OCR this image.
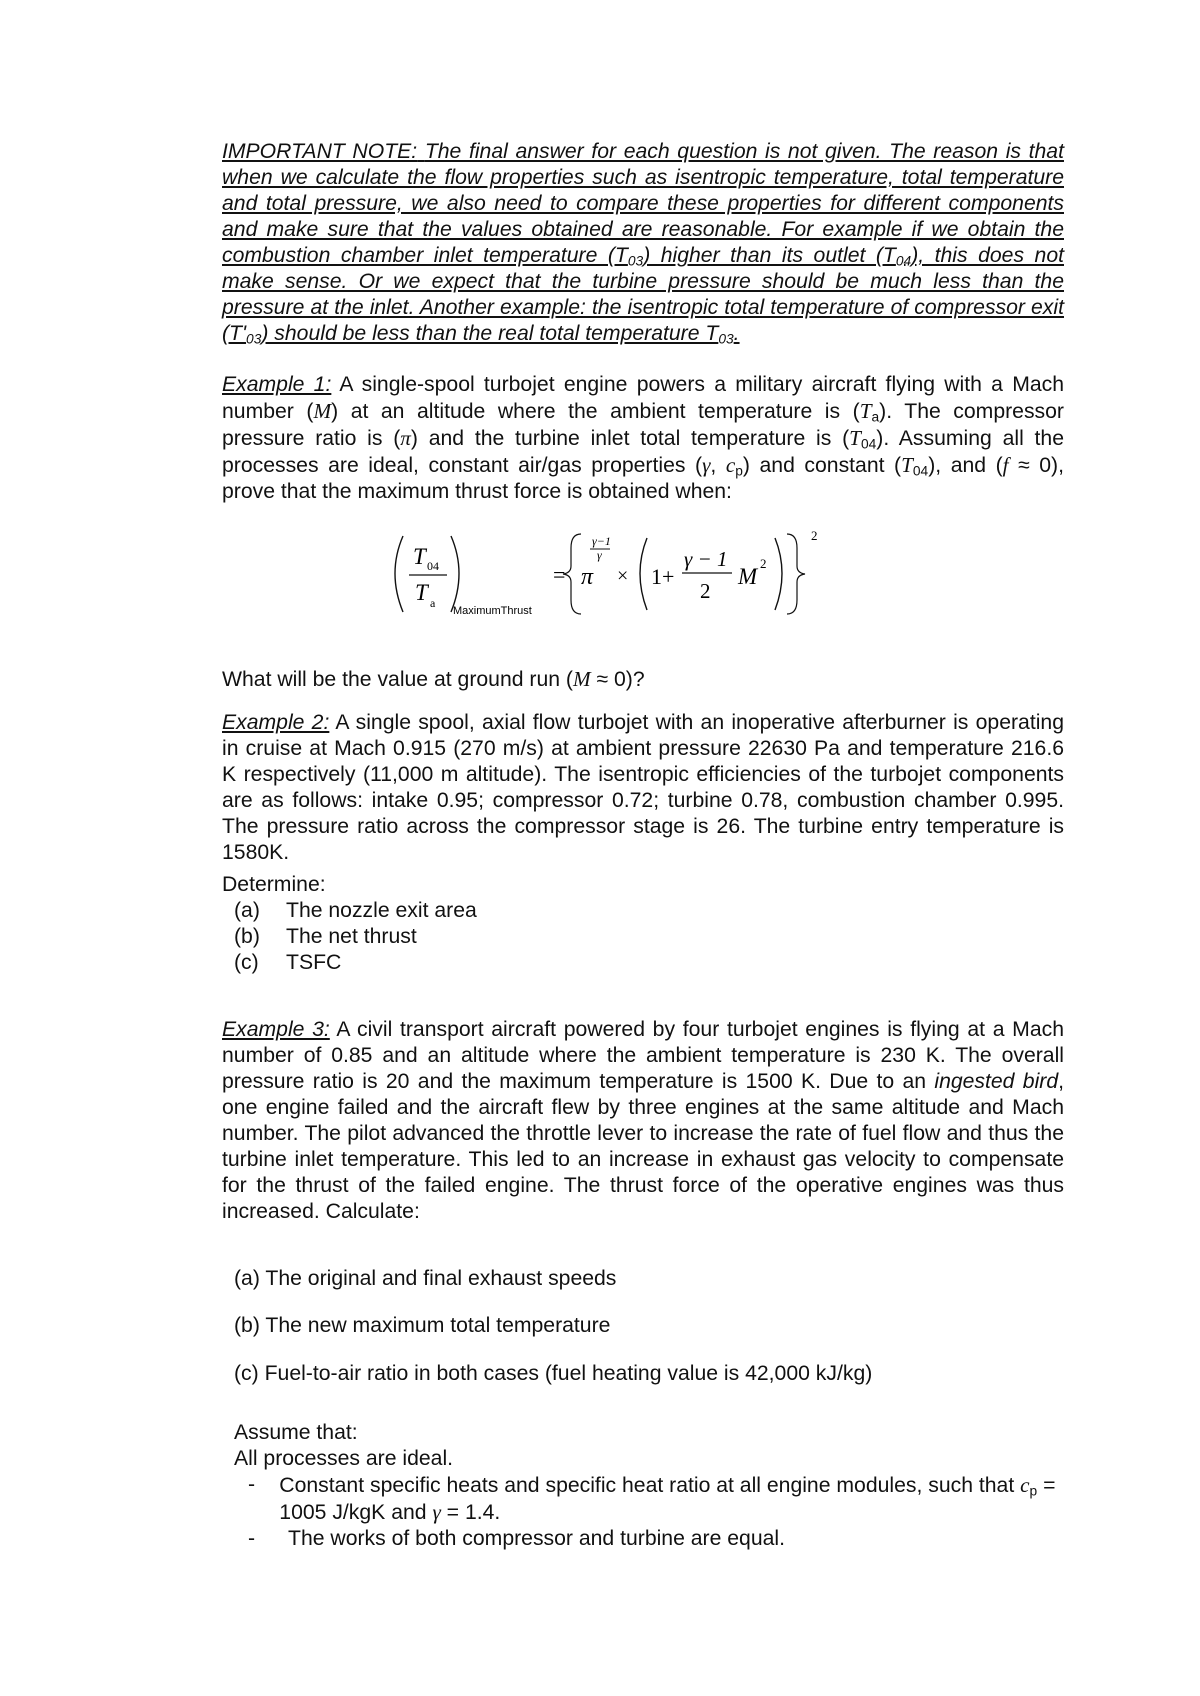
IMPORTANT NOTE: The final answer for each question is not given. The reason is that when we calculate the flow properties such as isentropic temperature, total temperature and total pressure, we also need to compare these properties for different components and make sure that the values obtained are reasonable. For example if we obtain the combustion chamber inlet temperature $(T_{03})$ higher than its outlet $(T_{04})$, this does not make sense. Or we expect that the turbine pressure should be much less than the pressure at the inlet. Another example: the isentropic total temperature of compressor exit $(T'_{03})$ should be less than the real total temperature $T_{03}$.
Example 1: A single-spool turbojet engine powers a military aircraft flying with a Mach number (M) at an altitude where the ambient temperature is $(T_a)$. The compressor pressure ratio is (π) and the turbine inlet total temperature is $(T_{04})$. Assuming all the processes are ideal, constant air/gas properties (γ, $c_p$) and constant $(T_{04})$, and (f ≈ 0), prove that the maximum thrust force is obtained when:
T 04
T a
MaximumThrust
=
γ−1
γ
π × 1+
γ − 1
2
M
2
2
What will be the value at ground run (M ≈ 0)?
Example 2: A single spool, axial flow turbojet with an inoperative afterburner is operating in cruise at Mach 0.915 (270 m/s) at ambient pressure 22630 Pa and temperature 216.6 K respectively (11,000 m altitude). The isentropic efficiencies of the turbojet components are as follows: intake 0.95; compressor 0.72; turbine 0.78, combustion chamber 0.995. The pressure ratio across the compressor stage is 26. The turbine entry temperature is 1580K.
Determine:
(a)	The nozzle exit area
(b)	The net thrust
(c)	TSFC
Example 3: A civil transport aircraft powered by four turbojet engines is flying at a Mach number of 0.85 and an altitude where the ambient temperature is 230 K. The overall pressure ratio is 20 and the maximum temperature is 1500 K. Due to an ingested bird, one engine failed and the aircraft flew by three engines at the same altitude and Mach number. The pilot advanced the throttle lever to increase the rate of fuel flow and thus the turbine inlet temperature. This led to an increase in exhaust gas velocity to compensate for the thrust of the failed engine. The thrust force of the operative engines was thus increased. Calculate:
(a) The original and final exhaust speeds
(b) The new maximum total temperature
(c) Fuel-to-air ratio in both cases (fuel heating value is 42,000 kJ/kg)
Assume that:
All processes are ideal.
-	Constant specific heats and specific heat ratio at all engine modules, such that $c_p = 1005$ J/kgK and γ = 1.4.
-	The works of both compressor and turbine are equal.
